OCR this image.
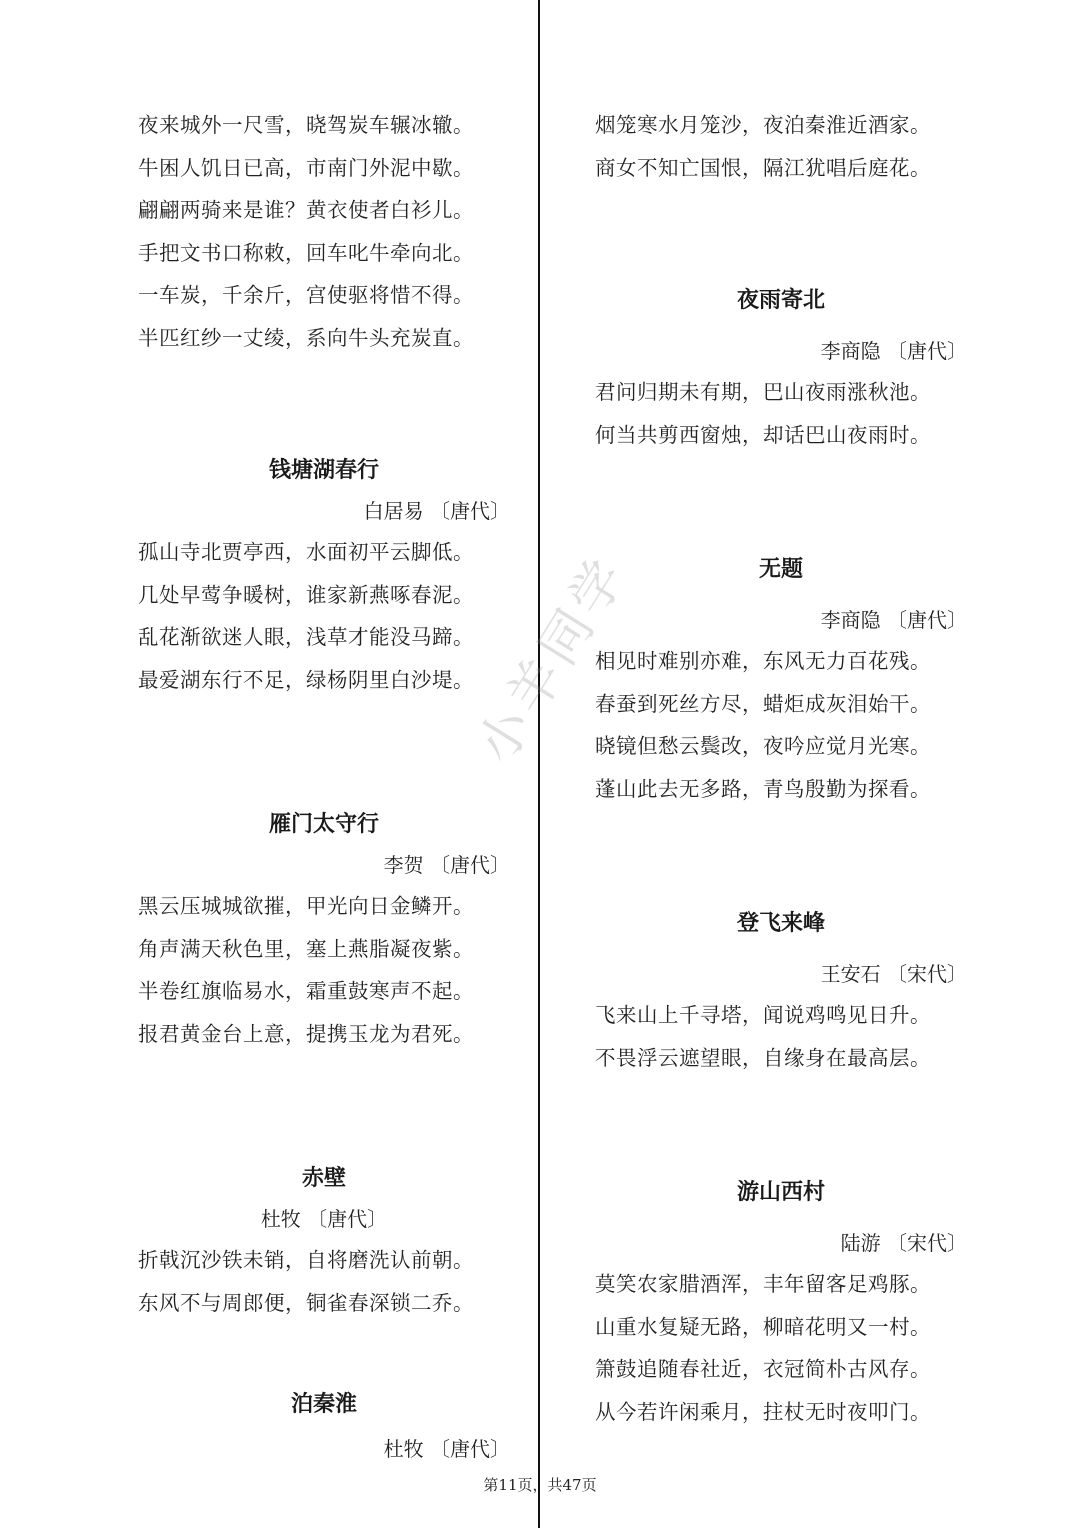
夜来城外一尺雪，晓驾炭车辗冰辙。
牛困人饥日已高，市南门外泥中歇。
翩翩两骑来是谁？黄衣使者白衫儿。
手把文书口称敕，回车叱牛牵向北。
一车炭，千余斤，宫使驱将惜不得。
半匹红纱一丈绫，系向牛头充炭直。
钱塘湖春行
白居易 〔唐代〕
孤山寺北贾亭西，水面初平云脚低。
几处早莺争暖树，谁家新燕啄春泥。
乱花渐欲迷人眼，浅草才能没马蹄。
最爱湖东行不足，绿杨阴里白沙堤。
雁门太守行
李贺 〔唐代〕
黑云压城城欲摧，甲光向日金鳞开。
角声满天秋色里，塞上燕脂凝夜紫。
半卷红旗临易水，霜重鼓寒声不起。
报君黄金台上意，提携玉龙为君死。
赤壁
杜牧 〔唐代〕
折戟沉沙铁未销，自将磨洗认前朝。
东风不与周郎便，铜雀春深锁二乔。
泊秦淮
杜牧 〔唐代〕
烟笼寒水月笼沙，夜泊秦淮近酒家。
商女不知亡国恨，隔江犹唱后庭花。
夜雨寄北
李商隐 〔唐代〕
君问归期未有期，巴山夜雨涨秋池。
何当共剪西窗烛，却话巴山夜雨时。
无题
李商隐 〔唐代〕
相见时难别亦难，东风无力百花残。
春蚕到死丝方尽，蜡炬成灰泪始干。
晓镜但愁云鬓改，夜吟应觉月光寒。
蓬山此去无多路，青鸟殷勤为探看。
登飞来峰
王安石 〔宋代〕
飞来山上千寻塔，闻说鸡鸣见日升。
不畏浮云遮望眼，自缘身在最高层。
游山西村
陆游 〔宋代〕
莫笑农家腊酒浑，丰年留客足鸡豚。
山重水复疑无路，柳暗花明又一村。
箫鼓追随春社近，衣冠简朴古风存。
从今若许闲乘月，拄杖无时夜叩门。
小羊同学
第11页，共47页
